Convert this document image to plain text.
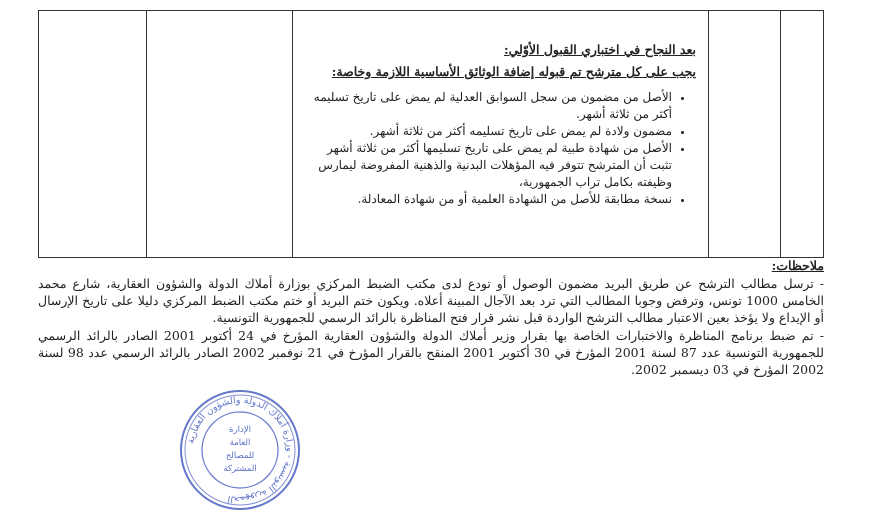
بعد النجاح في اختباري القبول الأوّلي:
يجب على كل مترشح تم قبوله إضافة الوثائق الأساسية اللازمة وخاصة:
• الأصل من مضمون من سجل السوابق العدلية لم يمض على تاريخ تسليمه أكثر من ثلاثة أشهر.
• مضمون ولادة لم يمض على تاريخ تسليمه أكثر من ثلاثة أشهر.
• الأصل من شهادة طبية لم يمض على تاريخ تسليمها أكثر من ثلاثة أشهر تثبت أن المترشح تتوفر فيه المؤهلات البدنية والذهنية المفروضة ليمارس وظيفته بكامل تراب الجمهورية،
• نسخة مطابقة للأصل من الشهادة العلمية أو من شهادة المعادلة.
ملاحظات:

- ترسل مطالب الترشح عن طريق البريد مضمون الوصول أو تودع لدى مكتب الضبط المركزي بوزارة أملاك الدولة والشؤون العقارية، شارع محمد الخامس 1000 تونس، وترفض وجوبا المطالب التي ترد بعد الآجال المبينة أعلاه. ويكون ختم البريد أو ختم مكتب الضبط المركزي دليلا على تاريخ الإرسال أو الإيداع ولا يؤخذ بعين الاعتبار مطالب الترشح الواردة قبل نشر قرار فتح المناظرة بالرائد الرسمي للجمهورية التونسية.

- تم ضبط برنامج المناظرة والاختبارات الخاصة بها بقرار وزير أملاك الدولة والشؤون العقارية المؤرخ في 24 أكتوبر 2001 الصادر بالرائد الرسمي للجمهورية التونسية عدد 87 لسنة 2001 المؤرخ في 30 أكتوبر 2001 المنقح بالقرار المؤرخ في 21 نوفمبر 2002 الصادر بالرائد الرسمي عدد 98 لسنة 2002 المؤرخ في 03 ديسمبر 2002.

الجمهورية التونسية - وزارة أملاك الدولة والشؤون العقارية
الإدارة
العامة
للمصالح
المشتركة
